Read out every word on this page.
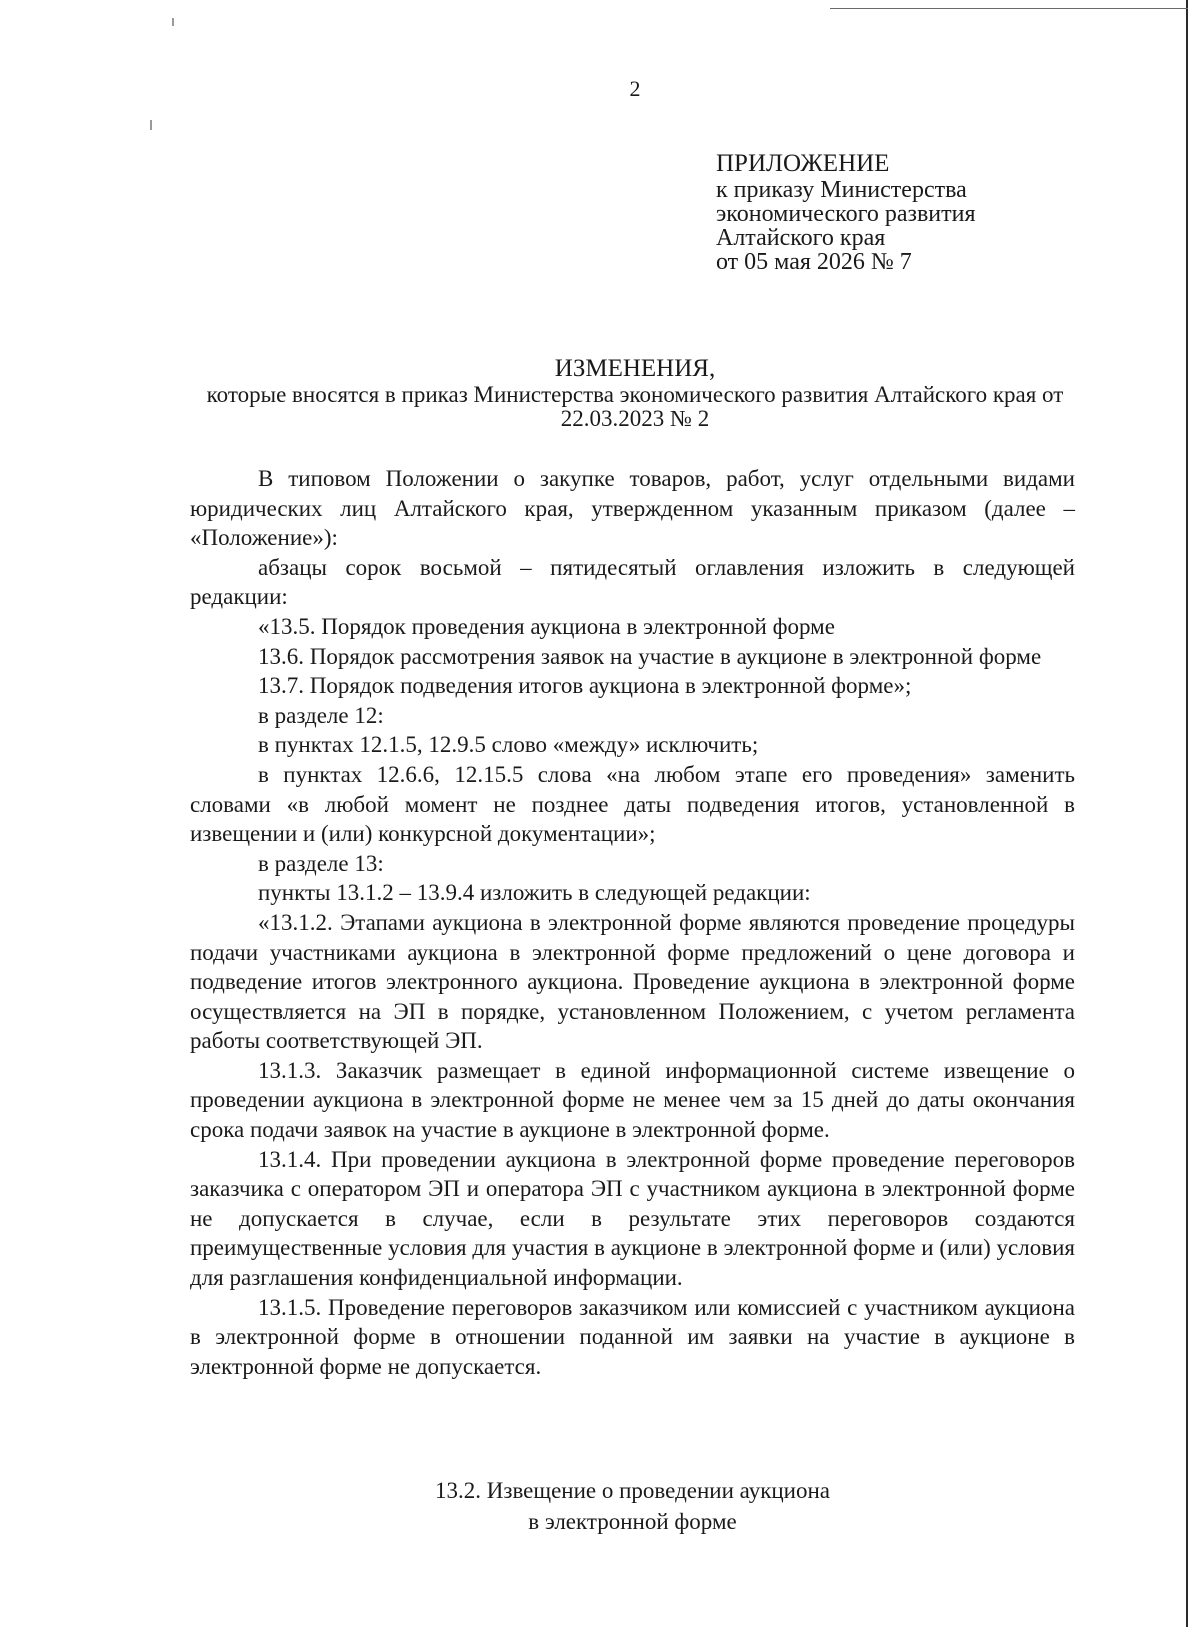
2
ПРИЛОЖЕНИЕ
к приказу Министерства
экономического развития
Алтайского края
от 05 мая 2026 № 7
ИЗМЕНЕНИЯ,

которые вносятся в приказ Министерства экономического развития Алтайского края от 22.03.2023 № 2

В типовом Положении о закупке товаров, работ, услуг отдельными видами юридических лиц Алтайского края, утвержденном указанным приказом (далее – «Положение»):

абзацы сорок восьмой – пятидесятый оглавления изложить в следующей редакции:

«13.5. Порядок проведения аукциона в электронной форме

13.6. Порядок рассмотрения заявок на участие в аукционе в электронной форме

13.7. Порядок подведения итогов аукциона в электронной форме»;

в разделе 12:

в пунктах 12.1.5, 12.9.5 слово «между» исключить;

в пунктах 12.6.6, 12.15.5 слова «на любом этапе его проведения» заменить словами «в любой момент не позднее даты подведения итогов, установленной в извещении и (или) конкурсной документации»;

в разделе 13:

пункты 13.1.2 – 13.9.4 изложить в следующей редакции:

«13.1.2. Этапами аукциона в электронной форме являются проведение процедуры подачи участниками аукциона в электронной форме предложений о цене договора и подведение итогов электронного аукциона. Проведение аукциона в электронной форме осуществляется на ЭП в порядке, установленном Положением, с учетом регламента работы соответствующей ЭП.

13.1.3. Заказчик размещает в единой информационной системе извещение о проведении аукциона в электронной форме не менее чем за 15 дней до даты окончания срока подачи заявок на участие в аукционе в электронной форме.

13.1.4. При проведении аукциона в электронной форме проведение переговоров заказчика с оператором ЭП и оператора ЭП с участником аукциона в электронной форме не допускается в случае, если в результате этих переговоров создаются преимущественные условия для участия в аукционе в электронной форме и (или) условия для разглашения конфиденциальной информации.

13.1.5. Проведение переговоров заказчиком или комиссией с участником аукциона в электронной форме в отношении поданной им заявки на участие в аукционе в электронной форме не допускается.

13.2. Извещение о проведении аукциона
в электронной форме
